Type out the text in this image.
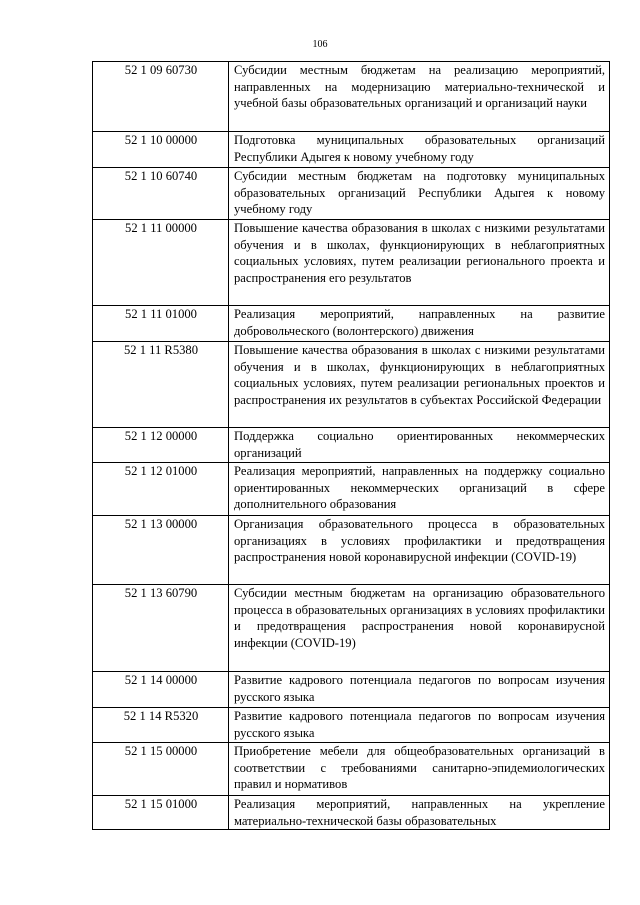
106
52 1 09 60730	Субсидии местным бюджетам на реализацию мероприятий, направленных на модернизацию материально-технической и учебной базы образовательных организаций и организаций науки
52 1 10 00000	Подготовка муниципальных образовательных организаций Республики Адыгея к новому учебному году
52 1 10 60740	Субсидии местным бюджетам на подготовку муниципальных образовательных организаций Республики Адыгея к новому учебному году
52 1 11 00000	Повышение качества образования в школах с низкими результатами обучения и в школах, функционирующих в неблагоприятных социальных условиях, путем реализации регионального проекта и распространения его результатов
52 1 11 01000	Реализация мероприятий, направленных на развитие добровольческого (волонтерского) движения
52 1 11 R5380	Повышение качества образования в школах с низкими результатами обучения и в школах, функционирующих в неблагоприятных социальных условиях, путем реализации региональных проектов и распространения их результатов в субъектах Российской Федерации
52 1 12 00000	Поддержка социально ориентированных некоммерческих организаций
52 1 12 01000	Реализация мероприятий, направленных на поддержку социально ориентированных некоммерческих организаций в сфере дополнительного образования
52 1 13 00000	Организация образовательного процесса в образовательных организациях в условиях профилактики и предотвращения распространения новой коронавирусной инфекции (COVID-19)
52 1 13 60790	Субсидии местным бюджетам на организацию образовательного процесса в образовательных организациях в условиях профилактики и предотвращения распространения новой коронавирусной инфекции (COVID-19)
52 1 14 00000	Развитие кадрового потенциала педагогов по вопросам изучения русского языка
52 1 14 R5320	Развитие кадрового потенциала педагогов по вопросам изучения русского языка
52 1 15 00000	Приобретение мебели для общеобразовательных организаций в соответствии с требованиями санитарно-эпидемиологических правил и нормативов
52 1 15 01000	Реализация мероприятий, направленных на укрепление материально-технической базы образовательных
